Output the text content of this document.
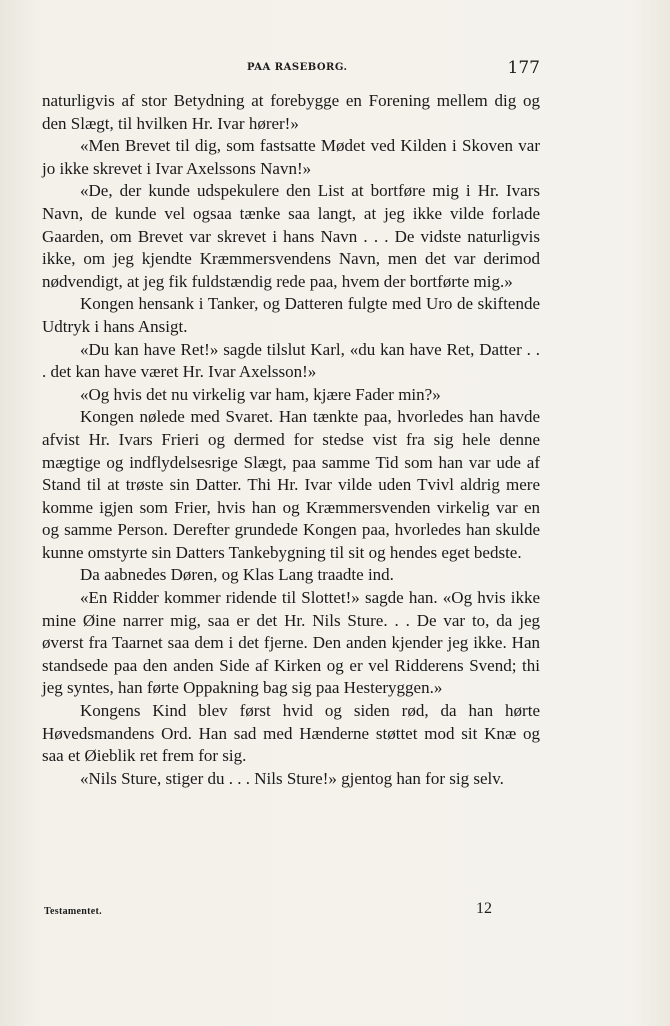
PAA RASEBORG.	177

naturligvis af stor Betydning at forebygge en Forening mellem dig og den Slægt, til hvilken Hr. Ivar hører!»

«Men Brevet til dig, som fastsatte Mødet ved Kilden i Skoven var jo ikke skrevet i Ivar Axelssons Navn!»

«De, der kunde udspekulere den List at bortføre mig i Hr. Ivars Navn, de kunde vel ogsaa tænke saa langt, at jeg ikke vilde forlade Gaarden, om Brevet var skrevet i hans Navn . . . De vidste naturligvis ikke, om jeg kjendte Kræmmersvendens Navn, men det var derimod nødvendigt, at jeg fik fuldstændig rede paa, hvem der bortførte mig.»

Kongen hensank i Tanker, og Datteren fulgte med Uro de skiftende Udtryk i hans Ansigt.

«Du kan have Ret!» sagde tilslut Karl, «du kan have Ret, Datter . . . det kan have været Hr. Ivar Axelsson!»

«Og hvis det nu virkelig var ham, kjære Fader min?»

Kongen nølede med Svaret. Han tænkte paa, hvorledes han havde afvist Hr. Ivars Frieri og dermed for stedse vist fra sig hele denne mægtige og indflydelsesrige Slægt, paa samme Tid som han var ude af Stand til at trøste sin Datter. Thi Hr. Ivar vilde uden Tvivl aldrig mere komme igjen som Frier, hvis han og Kræmmersvenden virkelig var en og samme Person. Derefter grundede Kongen paa, hvorledes han skulde kunne omstyrte sin Datters Tankebygning til sit og hendes eget bedste.

Da aabnedes Døren, og Klas Lang traadte ind.

«En Ridder kommer ridende til Slottet!» sagde han. «Og hvis ikke mine Øine narrer mig, saa er det Hr. Nils Sture. . . De var to, da jeg øverst fra Taarnet saa dem i det fjerne. Den anden kjender jeg ikke. Han standsede paa den anden Side af Kirken og er vel Ridderens Svend; thi jeg syntes, han førte Oppakning bag sig paa Hesteryggen.»

Kongens Kind blev først hvid og siden rød, da han hørte Høvedsmandens Ord. Han sad med Hænderne støttet mod sit Knæ og saa et Øieblik ret frem for sig.

«Nils Sture, stiger du . . . Nils Sture!» gjentog han for sig selv.

Testamentet.	12
